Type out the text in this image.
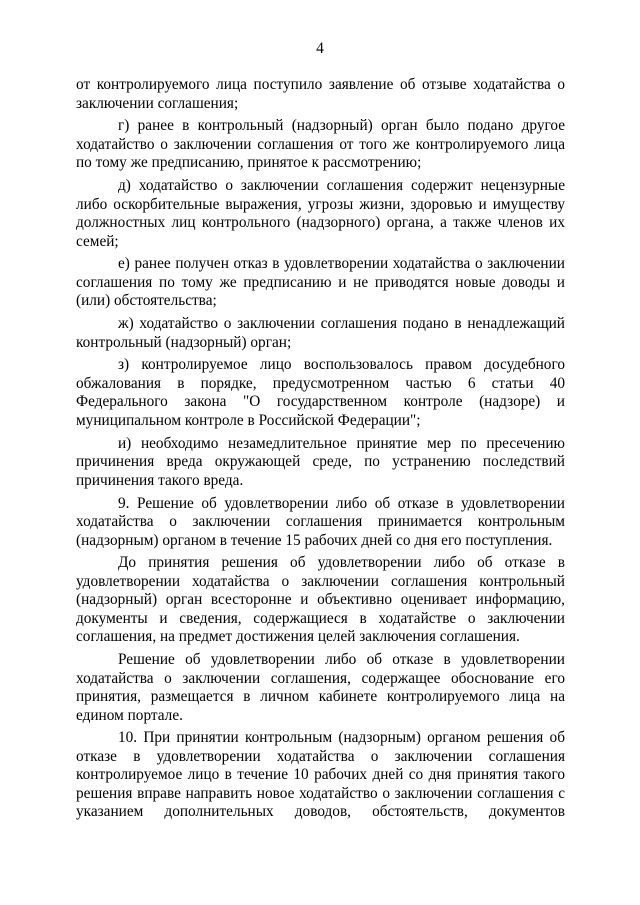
4

от контролируемого лица поступило заявление об отзыве ходатайства о заключении соглашения;

г) ранее в контрольный (надзорный) орган было подано другое ходатайство о заключении соглашения от того же контролируемого лица по тому же предписанию, принятое к рассмотрению;

д) ходатайство о заключении соглашения содержит нецензурные либо оскорбительные выражения, угрозы жизни, здоровью и имуществу должностных лиц контрольного (надзорного) органа, а также членов их семей;

е) ранее получен отказ в удовлетворении ходатайства о заключении соглашения по тому же предписанию и не приводятся новые доводы и (или) обстоятельства;

ж) ходатайство о заключении соглашения подано в ненадлежащий контрольный (надзорный) орган;

з) контролируемое лицо воспользовалось правом досудебного обжалования в порядке, предусмотренном частью 6 статьи 40 Федерального закона "О государственном контроле (надзоре) и муниципальном контроле в Российской Федерации";

и) необходимо незамедлительное принятие мер по пресечению причинения вреда окружающей среде, по устранению последствий причинения такого вреда.

9. Решение об удовлетворении либо об отказе в удовлетворении ходатайства о заключении соглашения принимается контрольным (надзорным) органом в течение 15 рабочих дней со дня его поступления.

До принятия решения об удовлетворении либо об отказе в удовлетворении ходатайства о заключении соглашения контрольный (надзорный) орган всесторонне и объективно оценивает информацию, документы и сведения, содержащиеся в ходатайстве о заключении соглашения, на предмет достижения целей заключения соглашения.

Решение об удовлетворении либо об отказе в удовлетворении ходатайства о заключении соглашения, содержащее обоснование его принятия, размещается в личном кабинете контролируемого лица на едином портале.

10. При принятии контрольным (надзорным) органом решения об отказе в удовлетворении ходатайства о заключении соглашения контролируемое лицо в течение 10 рабочих дней со дня принятия такого решения вправе направить новое ходатайство о заключении соглашения с указанием дополнительных доводов, обстоятельств, документов
